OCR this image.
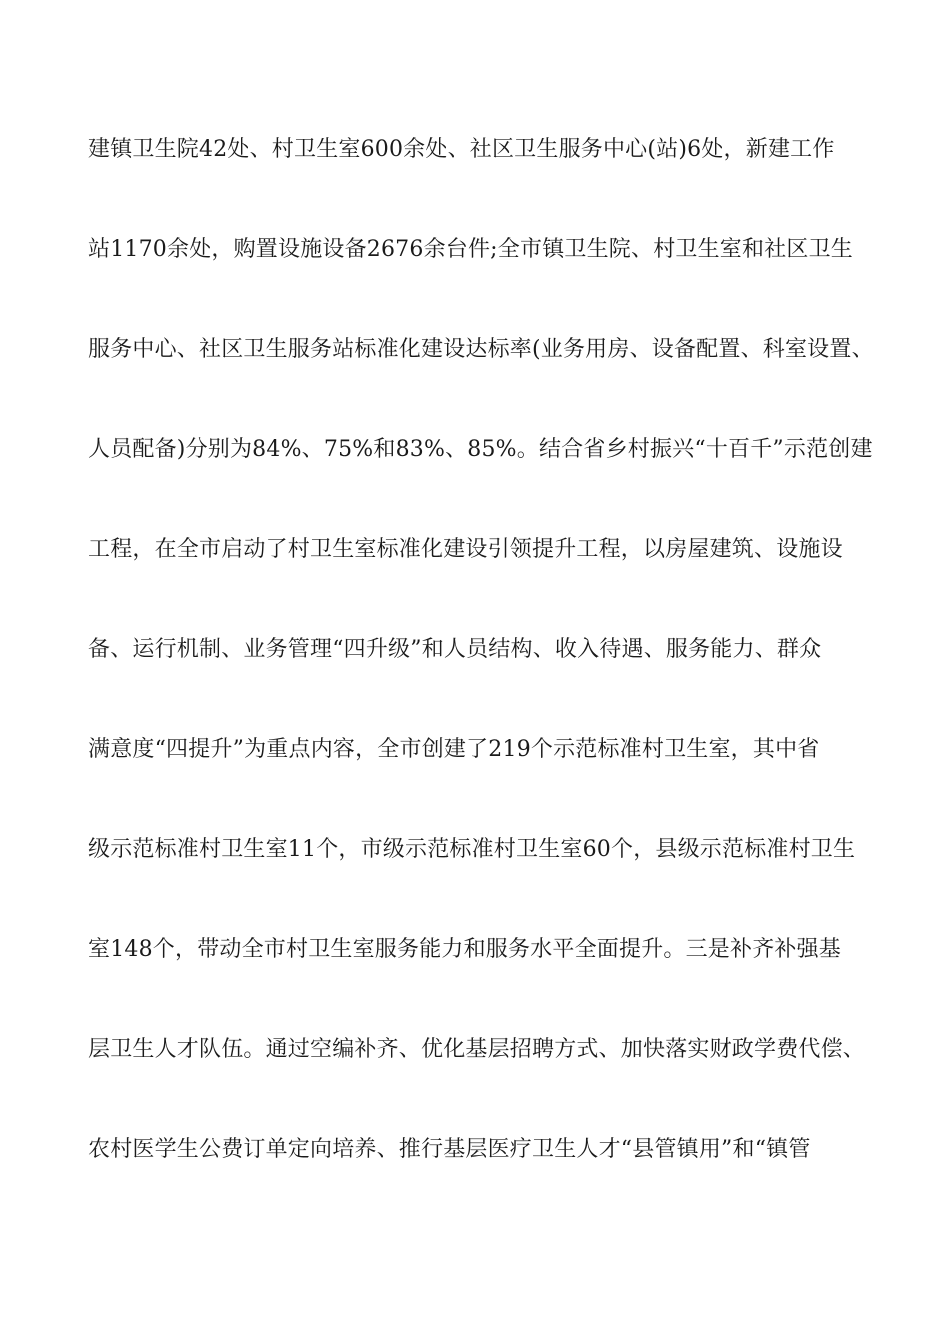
建镇卫生院42处、村卫生室600余处、社区卫生服务中心(站)6处，新建工作
站1170余处，购置设施设备2676余台件;全市镇卫生院、村卫生室和社区卫生
服务中心、社区卫生服务站标准化建设达标率(业务用房、设备配置、科室设置、
人员配备)分别为84%、75%和83%、85%。结合省乡村振兴“十百千”示范创建
工程，在全市启动了村卫生室标准化建设引领提升工程，以房屋建筑、设施设
备、运行机制、业务管理“四升级”和人员结构、收入待遇、服务能力、群众
满意度“四提升”为重点内容，全市创建了219个示范标准村卫生室，其中省
级示范标准村卫生室11个，市级示范标准村卫生室60个，县级示范标准村卫生
室148个，带动全市村卫生室服务能力和服务水平全面提升。三是补齐补强基
层卫生人才队伍。通过空编补齐、优化基层招聘方式、加快落实财政学费代偿、
农村医学生公费订单定向培养、推行基层医疗卫生人才“县管镇用”和“镇管
